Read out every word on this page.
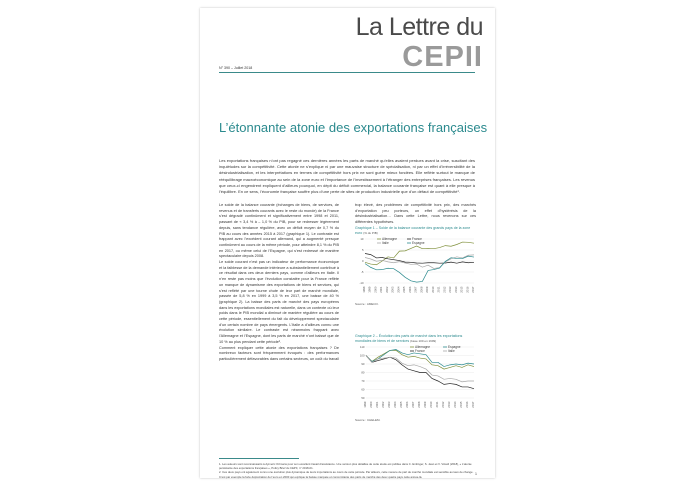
La Lettre du
CEPII
N° 390 – Juillet 2018
L’étonnante atonie des exportations françaises
Les exportations françaises n’ont pas regagné ces dernières années les parts de marché qu’elles avaient perdues avant la crise, suscitant des inquiétudes sur la compétitivité. Cette atonie ne s’explique ni par une mauvaise structure de spécialisation, ni par un effet d’irréversibilité de la désindustrialisation, et les interprétations en termes de compétitivité hors prix ne sont guère mieux fondées. Elle reflète surtout le manque de rééquilibrage macroéconomique au sein de la zone euro et l’importance de l’investissement à l’étranger des entreprises françaises. Les revenus que ceux-ci engendrent expliquent d’ailleurs pourquoi, en dépit du déficit commercial, la balance courante française est quant à elle presque à l’équilibre. En ce sens, l’économie française souffre plus d’une perte de sites de production industrielle que d’un défaut de compétitivité¹.

Le solde de la balance courante (échanges de biens, de services, de revenus et de transferts courants avec le reste du monde) de la France s’est dégradé continûment et significativement entre 1998 et 2011, passant de « 3,4 % à – 1,0 % du PIB, pour se redresser légèrement depuis, sans tendance régulière, avec un déficit moyen de 0,7 % du PIB au cours des années 2015 à 2017 (graphique 1). Le contraste est frappant avec l’excédent courant allemand, qui a augmenté presque continûment au cours de la même période, pour atteindre 8,1 % du PIB en 2017, ou même celui de l’Espagne, qui s’est redressé de manière spectaculaire depuis 2008.

Le solde courant n’est pas un indicateur de performance économique et la faiblesse de la demande intérieure a substantiellement contribué à ce résultat dans ces deux derniers pays, comme d’ailleurs en Italie. Il n’en reste pas moins que l’évolution constatée pour la France reflète un manque de dynamisme des exportations de biens et services, qui s’est reflété par une tourne chute de leur part de marché mondiale, passée de 5,8 % en 1999 à 3,5 % en 2017, une baisse de 40 % (graphique 2). La baisse des parts de marché des pays européens dans les exportations mondiales est naturelle, dans un contexte où leur poids dans le PIB mondial a diminué de manière régulière au cours de cette période, essentiellement du fait du développement spectaculaire d’un certain nombre de pays émergents. L’Italie a d’ailleurs connu une évolution similaire. Le contraste est néanmoins frappant avec l’Allemagne et l’Espagne, dont les parts de marché n’ont baissé que de 10 % au plus pendant cette période².

Comment expliquer cette atonie des exportations françaises ? De nombreux facteurs sont fréquemment évoqués : des performances particulièrement défavorables dans certains secteurs, un coût du travail

trop élevé, des problèmes de compétitivité hors prix, des marchés d’exportation peu porteurs, un effet d’hystérésis de la désindustrialisation… Dans cette Lettre, nous revenons sur ces différentes hypothèses.

Graphique 1 – Solde de la balance courante des grands pays de la zone euro (% du PIB)
10
5
0
-5
-10
1998 1999 2000 2001 2002 2003 2004 2005 2006 2007 2008 2009 2010 2011 2012 2013 2014 2015 2016 2017
Allemagne	France
Italie	Espagne
Source : AMECO.
Graphique 2 – Évolution des parts de marché dans les exportations mondiales de biens et de services (base 100 en 1999)
110
100
90
80
70
60
50
1999 2000 2001 2002 2003 2004 2005 2006 2007 2008 2009 2010 2011 2012 2013 2014 2015 2016 2017
Allemagne	Espagne
France	Italie
Source : CHELEM.
1. Les auteurs sont reconnaissants à Aymeric Ortmans pour son excellent travail d’assistance. Une version plus détaillée de cette étude est publiée dans C. Emlinger, S. Jean et V. Vicard (2018), « L’atonie persistante des exportations françaises », Policy Brief du CEPII, n° 2018-01.
2. Ces deux pays ont également connu une évolution plus dynamique de leurs importations au cours de cette période. Par ailleurs, cette mesure de part de marché mondiale est sensible au taux de change. C’est par exemple la forte dépréciation de l’euro en 2000 qui explique la baisse marquée et concomitante des parts de marché des deux quatre pays cette année-là.
1
